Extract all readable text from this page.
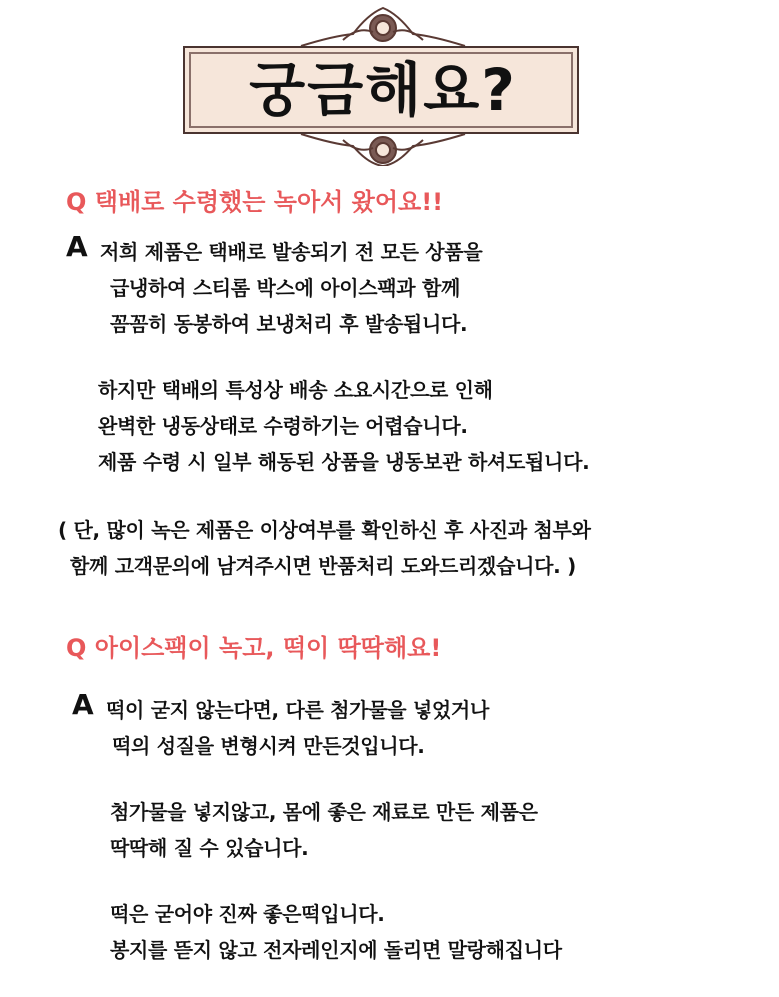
궁금해요?
Q 택배로 수령했는 녹아서 왔어요!!
A 저희 제품은 택배로 발송되기 전 모든 상품을
급냉하여 스티롬 박스에 아이스팩과 함께
꼼꼼히 동봉하여 보냉처리 후 발송됩니다.
하지만 택배의 특성상 배송 소요시간으로 인해
완벽한 냉동상태로 수령하기는 어렵습니다.
제품 수령 시 일부 해동된 상품을 냉동보관 하셔도됩니다.
( 단, 많이 녹은 제품은 이상여부를 확인하신 후 사진과 첨부와
함께 고객문의에 남겨주시면 반품처리 도와드리겠습니다. )
Q 아이스팩이 녹고, 떡이 딱딱해요!
A 떡이 굳지 않는다면, 다른 첨가물을 넣었거나
떡의 성질을 변형시켜 만든것입니다.
첨가물을 넣지않고, 몸에 좋은 재료로 만든 제품은
딱딱해 질 수 있습니다.
떡은 굳어야 진짜 좋은떡입니다.
봉지를 뜯지 않고 전자레인지에 돌리면 말랑해집니다
